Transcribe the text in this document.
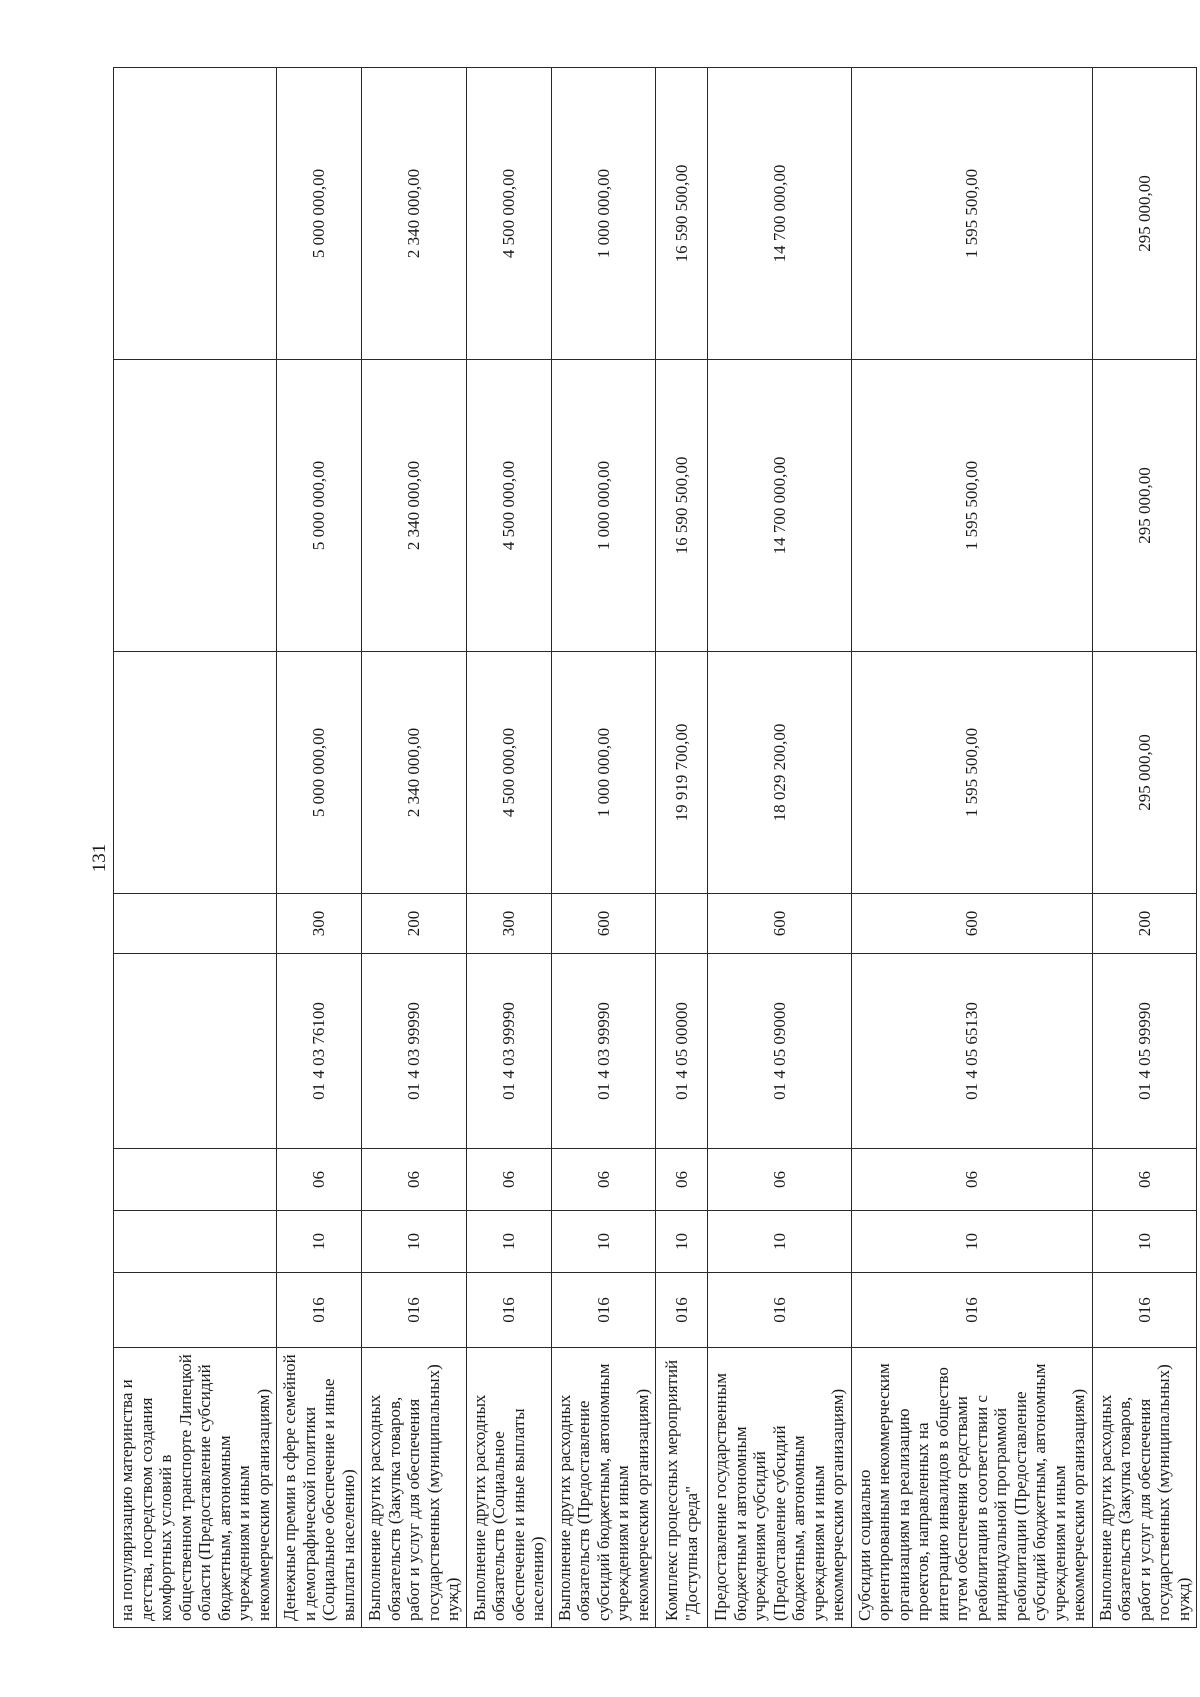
131
на популяризацию материнства и детства, посредством создания комфортных условий в общественном транспорте Липецкой области (Предоставление субсидий бюджетным, автономным учреждениям и иным некоммерческим организациям)								
Денежные премии в сфере семейной и демографической политики (Социальное обеспечение и иные выплаты населению)	016	10	06	01 4 03 76100	300	5 000 000,00	5 000 000,00	5 000 000,00
Выполнение других расходных обязательств (Закупка товаров, работ и услуг для обеспечения государственных (муниципальных) нужд)	016	10	06	01 4 03 99990	200	2 340 000,00	2 340 000,00	2 340 000,00
Выполнение других расходных обязательств (Социальное обеспечение и иные выплаты населению)	016	10	06	01 4 03 99990	300	4 500 000,00	4 500 000,00	4 500 000,00
Выполнение других расходных обязательств (Предоставление субсидий бюджетным, автономным учреждениям и иным некоммерческим организациям)	016	10	06	01 4 03 99990	600	1 000 000,00	1 000 000,00	1 000 000,00
Комплекс процессных мероприятий "Доступная среда"	016	10	06	01 4 05 00000		19 919 700,00	16 590 500,00	16 590 500,00
Предоставление государственным бюджетным и автономным учреждениям субсидий (Предоставление субсидий бюджетным, автономным учреждениям и иным некоммерческим организациям)	016	10	06	01 4 05 09000	600	18 029 200,00	14 700 000,00	14 700 000,00
Субсидии социально ориентированным некоммерческим организациям на реализацию проектов, направленных на интеграцию инвалидов в общество путем обеспечения средствами реабилитации в соответствии с индивидуальной программой реабилитации (Предоставление субсидий бюджетным, автономным учреждениям и иным некоммерческим организациям)	016	10	06	01 4 05 65130	600	1 595 500,00	1 595 500,00	1 595 500,00
Выполнение других расходных обязательств (Закупка товаров, работ и услуг для обеспечения государственных (муниципальных) нужд)	016	10	06	01 4 05 99990	200	295 000,00	295 000,00	295 000,00
